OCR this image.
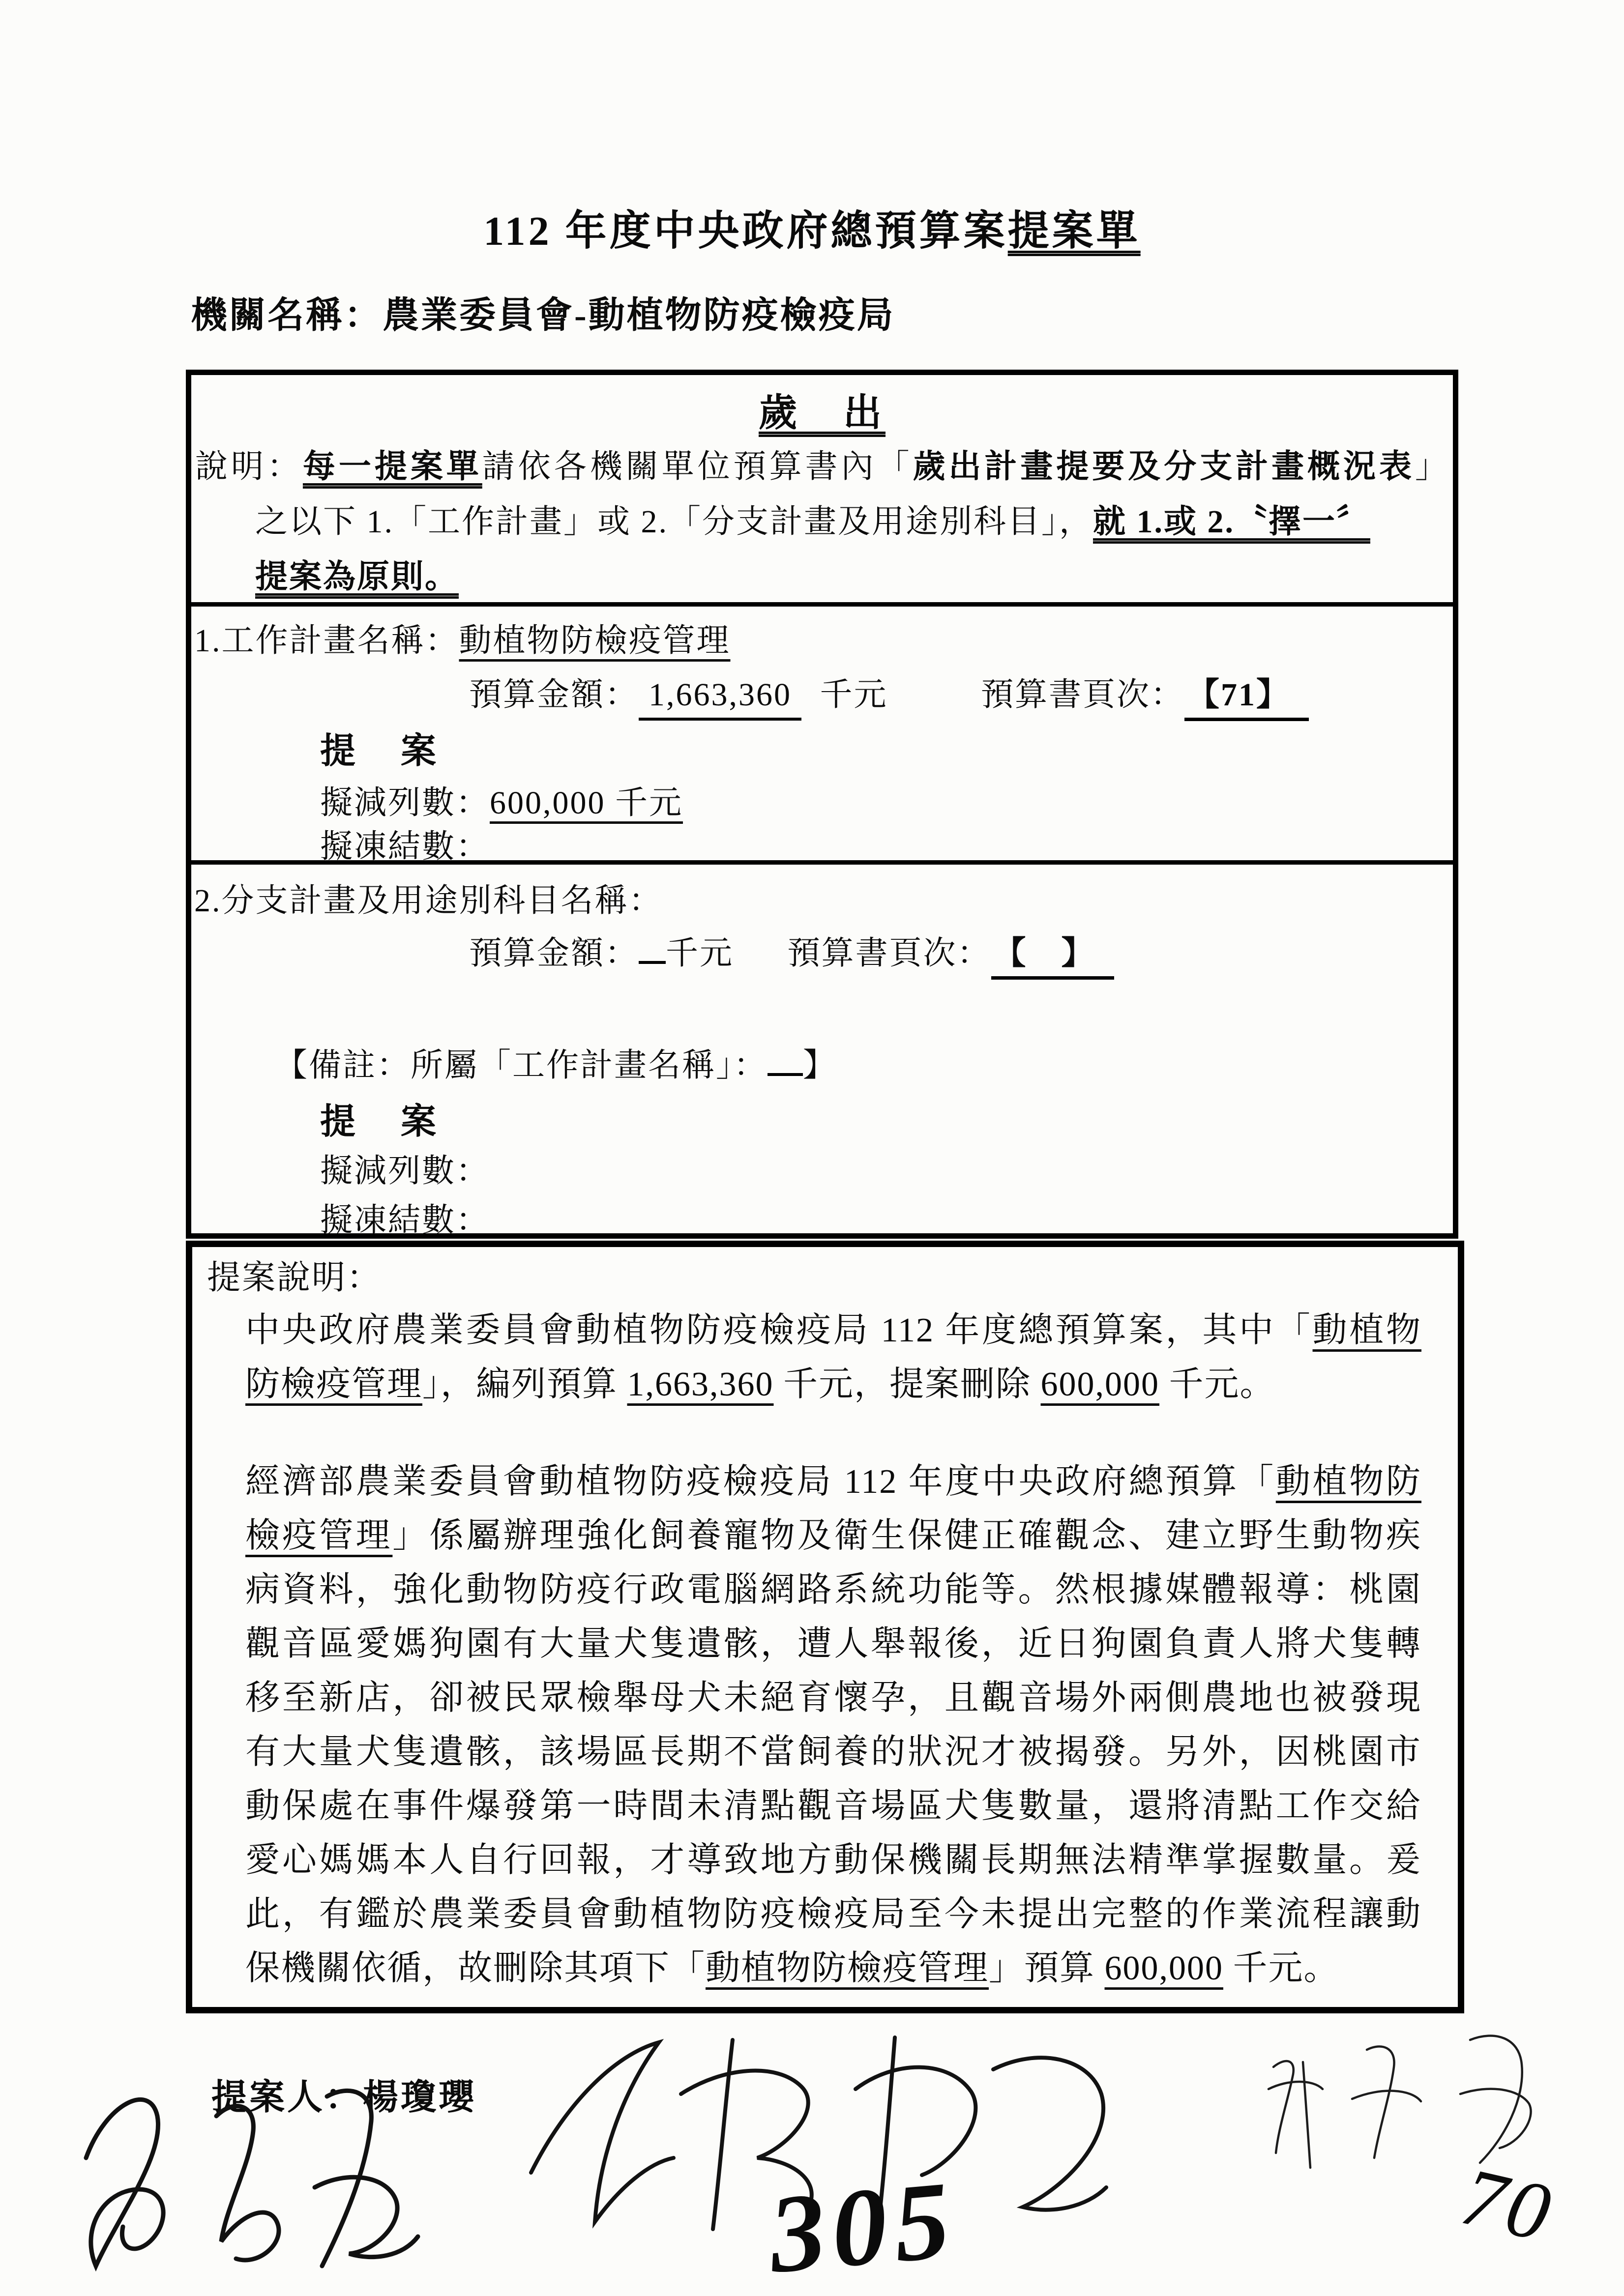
112 年度中央政府總預算案提案單
機關名稱：農業委員會-動植物防疫檢疫局
歲　出
說明：每一提案單請依各機關單位預算書內「歲出計畫提要及分支計畫概況表」
之以下 1.「工作計畫」或 2.「分支計畫及用途別科目」，就 1.或 2.〝擇一〞
提案為原則。
1.工作計畫名稱：動植物防檢疫管理
預算金額： 1,663,360 千元	預算書頁次： 【71】
提　案
擬減列數：600,000 千元
擬凍結數：
2.分支計畫及用途別科目名稱：
預算金額： 千元 預算書頁次： 【　】
【備註：所屬「工作計畫名稱」： 】
提　案
擬減列數：
擬凍結數：
提案說明：
中央政府農業委員會動植物防疫檢疫局 112 年度總預算案，其中「動植物
防檢疫管理」，編列預算 1,663,360 千元，提案刪除 600,000 千元。
經濟部農業委員會動植物防疫檢疫局 112 年度中央政府總預算「動植物防
檢疫管理」係屬辦理強化飼養寵物及衛生保健正確觀念、建立野生動物疾
病資料，強化動物防疫行政電腦網路系統功能等。然根據媒體報導：桃園
觀音區愛媽狗園有大量犬隻遺骸，遭人舉報後，近日狗園負責人將犬隻轉
移至新店，卻被民眾檢舉母犬未絕育懷孕，且觀音場外兩側農地也被發現
有大量犬隻遺骸，該場區長期不當飼養的狀況才被揭發。另外，因桃園市
動保處在事件爆發第一時間未清點觀音場區犬隻數量，還將清點工作交給
愛心媽媽本人自行回報，才導致地方動保機關長期無法精準掌握數量。爰
此，有鑑於農業委員會動植物防疫檢疫局至今未提出完整的作業流程讓動
保機關依循，故刪除其項下「動植物防檢疫管理」預算 600,000 千元。
提案人：楊瓊瓔
305	70
